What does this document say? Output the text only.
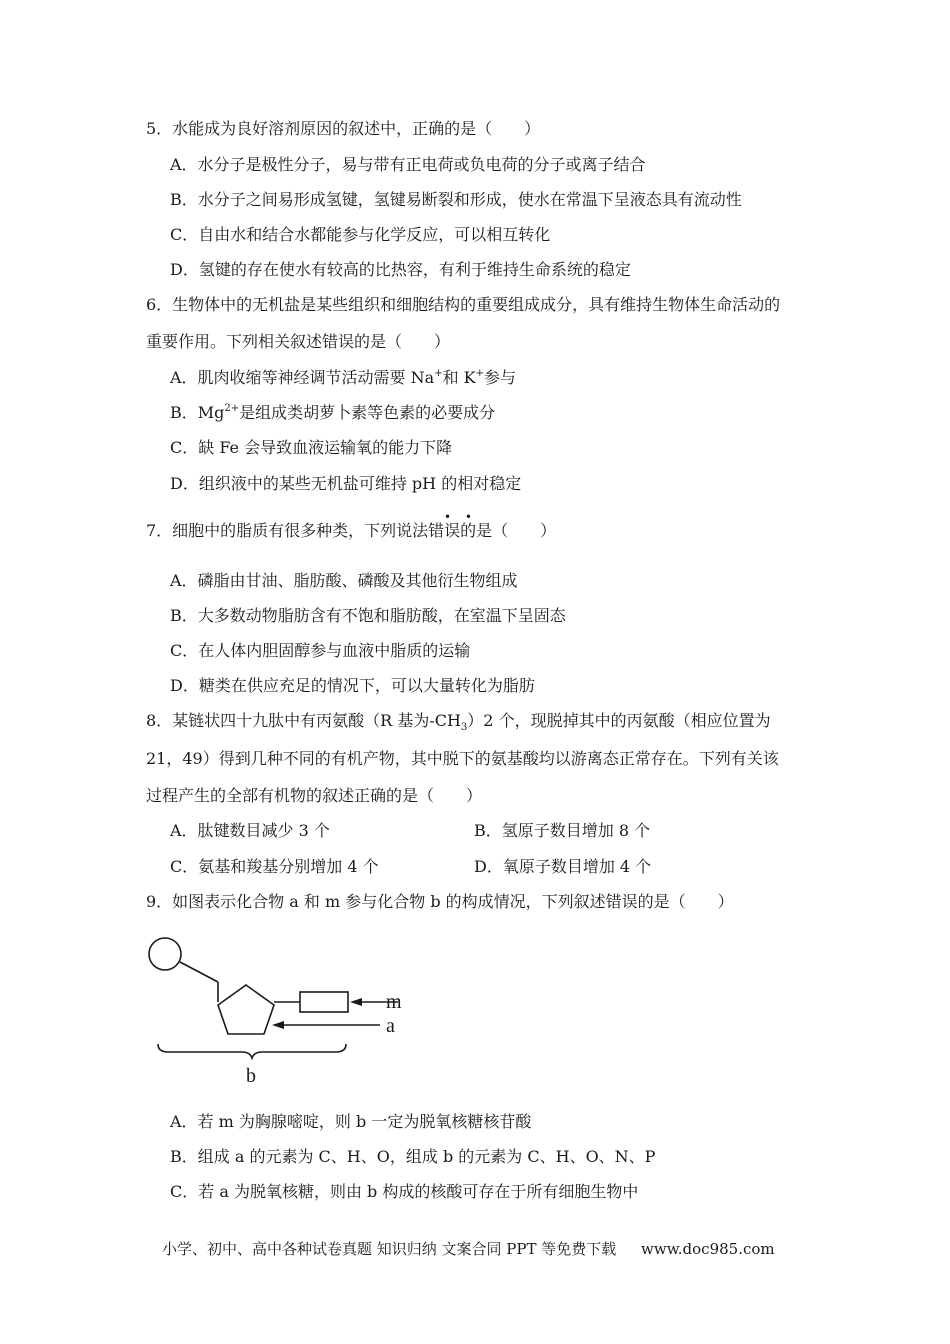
5．水能成为良好溶剂原因的叙述中，正确的是（　　）
A．水分子是极性分子，易与带有正电荷或负电荷的分子或离子结合
B．水分子之间易形成氢键，氢键易断裂和形成，使水在常温下呈液态具有流动性
C．自由水和结合水都能参与化学反应，可以相互转化
D．氢键的存在使水有较高的比热容，有利于维持生命系统的稳定
6．生物体中的无机盐是某些组织和细胞结构的重要组成成分，具有维持生物体生命活动的
重要作用。下列相关叙述错误的是（　　）
A．肌肉收缩等神经调节活动需要 Na+和 K+参与
B．$Mg^{2+}$是组成类胡萝卜素等色素的必要成分
C．缺 Fe 会导致血液运输氧的能力下降
D．组织液中的某些无机盐可维持 pH 的相对稳定
• •
7．细胞中的脂质有很多种类，下列说法错误的是（　　）
A．磷脂由甘油、脂肪酸、磷酸及其他衍生物组成
B．大多数动物脂肪含有不饱和脂肪酸，在室温下呈固态
C．在人体内胆固醇参与血液中脂质的运输
D．糖类在供应充足的情况下，可以大量转化为脂肪
8．某链状四十九肽中有丙氨酸（R 基为$-CH_3)2$ 个，现脱掉其中的丙氨酸（相应位置为
21，49）得到几种不同的有机产物，其中脱下的氨基酸均以游离态正常存在。下列有关该
过程产生的全部有机物的叙述正确的是（　　）
A．肽键数目减少 3 个	B．氢原子数目增加 8 个
C．氨基和羧基分别增加 4 个	D．氧原子数目增加 4 个
9．如图表示化合物 a 和 m 参与化合物 b 的构成情况，下列叙述错误的是（　　）
m
a
b
A．若 m 为胸腺嘧啶，则 b 一定为脱氧核糖核苷酸
B．组成 a 的元素为 C、H、O，组成 b 的元素为 C、H、O、N、P
C．若 a 为脱氧核糖，则由 b 构成的核酸可存在于所有细胞生物中
小学、初中、高中各种试卷真题 知识归纳 文案合同 PPT 等免费下载 www.doc985.com
